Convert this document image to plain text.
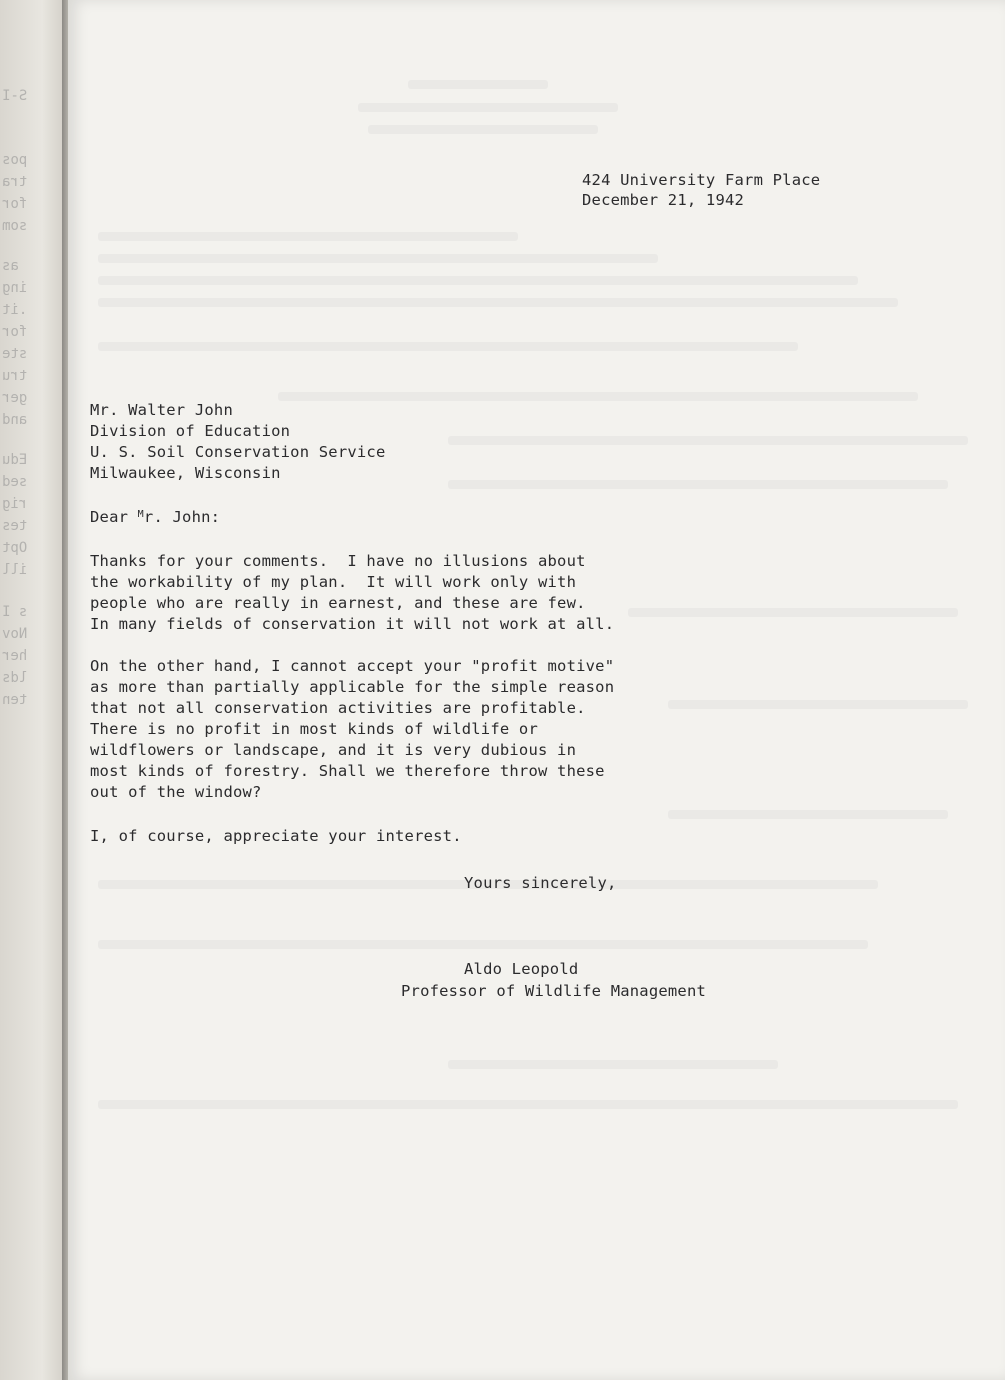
S-I
pos
tra
for
som
as
ing
.it
for
ste
tru
ger
and
Edu
sed
rig
tes
Opt
ill
s I
Nov
her
lds
ten
424 University Farm Place
December 21, 1942
Mr. Walter John
Division of Education
U. S. Soil Conservation Service
Milwaukee, Wisconsin
Dear $^M$r. John:
Thanks for your comments.  I have no illusions about
the workability of my plan.  It will work only with
people who are really in earnest, and these are few.
In many fields of conservation it will not work at all.
On the other hand, I cannot accept your "profit motive"
as more than partially applicable for the simple reason
that not all conservation activities are profitable.
There is no profit in most kinds of wildlife or
wildflowers or landscape, and it is very dubious in
most kinds of forestry. Shall we therefore throw these
out of the window?
I, of course, appreciate your interest.
Yours sincerely,
Aldo Leopold
Professor of Wildlife Management
